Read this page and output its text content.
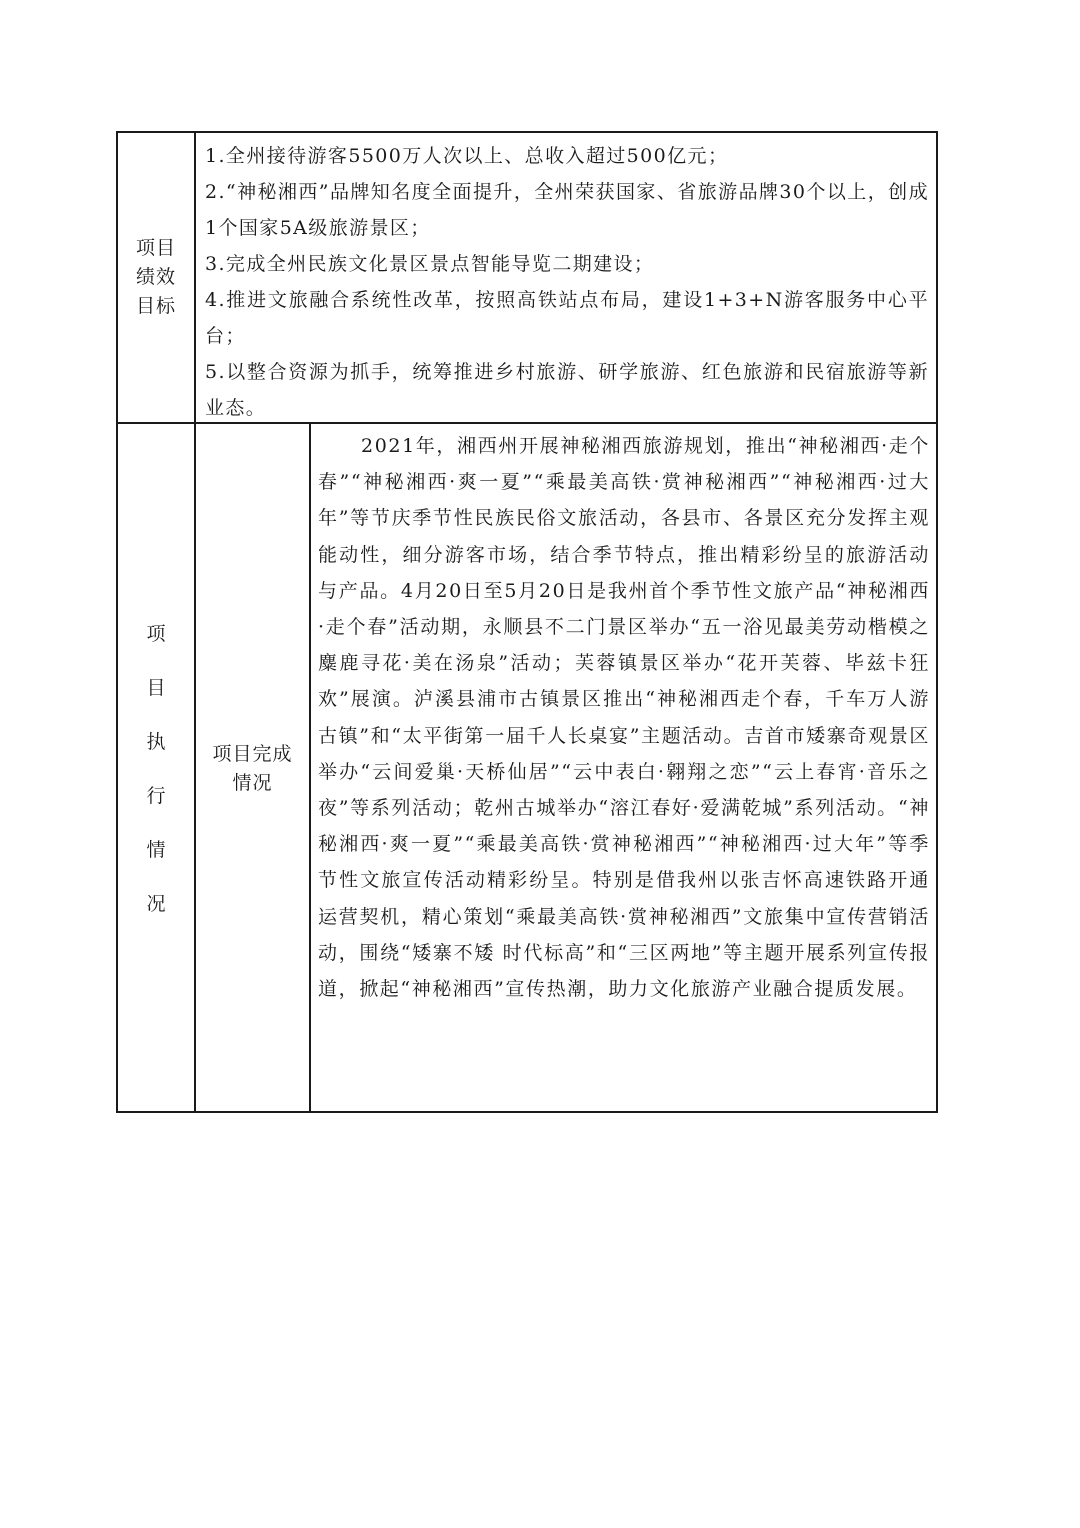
项目绩效目标
1.全州接待游客5500万人次以上、总收入超过500亿元；
2.“神秘湘西”品牌知名度全面提升，全州荣获国家、省旅游品牌30个以上，创成1个国家5A级旅游景区；
3.完成全州民族文化景区景点智能导览二期建设；
4.推进文旅融合系统性改革，按照高铁站点布局，建设1+3+N游客服务中心平台；
5.以整合资源为抓手，统筹推进乡村旅游、研学旅游、红色旅游和民宿旅游等新业态。
项
目
执
行
情
况
项目完成情况

2021年，湘西州开展神秘湘西旅游规划，推出“神秘湘西·走个春”“神秘湘西·爽一夏”“乘最美高铁·赏神秘湘西”“神秘湘西·过大年”等节庆季节性民族民俗文旅活动，各县市、各景区充分发挥主观能动性，细分游客市场，结合季节特点，推出精彩纷呈的旅游活动与产品。4月20日至5月20日是我州首个季节性文旅产品“神秘湘西·走个春”活动期，永顺县不二门景区举办“五一浴见最美劳动楷模之麋鹿寻花·美在汤泉”活动；芙蓉镇景区举办“花开芙蓉、毕兹卡狂欢”展演。泸溪县浦市古镇景区推出“神秘湘西走个春，千车万人游古镇”和“太平街第一届千人长桌宴”主题活动。吉首市矮寨奇观景区举办“云间爱巢·天桥仙居”“云中表白·翱翔之恋”“云上春宵·音乐之夜”等系列活动；乾州古城举办“溶江春好·爱满乾城”系列活动。“神秘湘西·爽一夏”“乘最美高铁·赏神秘湘西”“神秘湘西·过大年”等季节性文旅宣传活动精彩纷呈。特别是借我州以张吉怀高速铁路开通运营契机，精心策划“乘最美高铁·赏神秘湘西”文旅集中宣传营销活动，围绕“矮寨不矮 时代标高”和“三区两地”等主题开展系列宣传报道，掀起“神秘湘西”宣传热潮，助力文化旅游产业融合提质发展。
